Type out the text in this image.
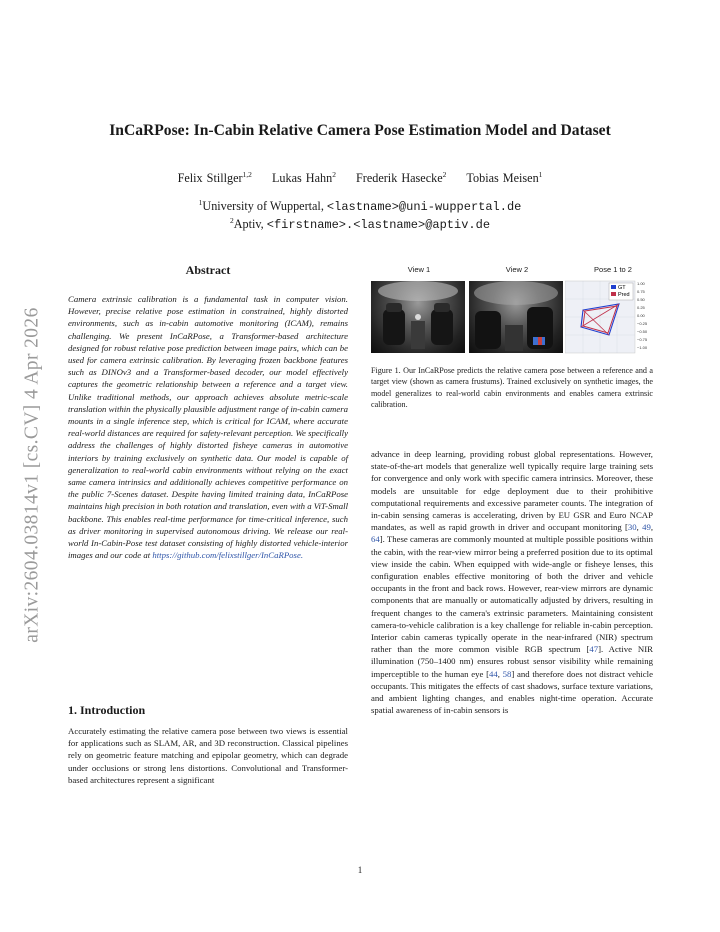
arXiv:2604.03814v1 [cs.CV] 4 Apr 2026
InCaRPose: In-Cabin Relative Camera Pose Estimation Model and Dataset
Felix Stillger$^{1,2}$ Lukas Hahn$^2$ Frederik Hasecke$^2$ Tobias Meisen$^1$
$^1$University of Wuppertal, <lastname>@uni-wuppertal.de
$^2$Aptiv, <firstname>.<lastname>@aptiv.de
Abstract

Camera extrinsic calibration is a fundamental task in computer vision. However, precise relative pose estimation in constrained, highly distorted environments, such as in-cabin automotive monitoring (ICAM), remains challenging. We present InCaRPose, a Transformer-based architecture designed for robust relative pose prediction between image pairs, which can be used for camera extrinsic calibration. By leveraging frozen backbone features such as DINOv3 and a Transformer-based decoder, our model effectively captures the geometric relationship between a reference and a target view. Unlike traditional methods, our approach achieves absolute metric-scale translation within the physically plausible adjustment range of in-cabin camera mounts in a single inference step, which is critical for ICAM, where accurate real-world distances are required for safety-relevant perception. We specifically address the challenges of highly distorted fisheye cameras in automotive interiors by training exclusively on synthetic data. Our model is capable of generalization to real-world cabin environments without relying on the exact same camera intrinsics and additionally achieves competitive performance on the public 7-Scenes dataset. Despite having limited training data, InCaRPose maintains high precision in both rotation and translation, even with a ViT-Small backbone. This enables real-time performance for time-critical inference, such as driver monitoring in supervised autonomous driving. We release our real-world In-Cabin-Pose test dataset consisting of highly distorted vehicle-interior images and our code at https://github.com/felixstillger/InCaRPose.

1. Introduction

Accurately estimating the relative camera pose between two views is essential for applications such as SLAM, AR, and 3D reconstruction. Classical pipelines rely on geometric feature matching and epipolar geometry, which can degrade under occlusions or strong lens distortions. Convolutional and Transformer-based architectures represent a significant

View 1	View 2	Pose 1 to 2
GT
Pred
1.00
0.75
0.50
0.25
0.00
−0.25
−0.50
−0.75
−1.00

Figure 1. Our InCaRPose predicts the relative camera pose between a reference and a target view (shown as camera frustums). Trained exclusively on synthetic images, the model generalizes to real-world cabin environments and enables camera extrinsic calibration.

advance in deep learning, providing robust global representations. However, state-of-the-art models that generalize well typically require large training sets for convergence and only work with specific camera intrinsics. Moreover, these models are unsuitable for edge deployment due to their prohibitive computational requirements and excessive parameter counts. The integration of in-cabin sensing cameras is accelerating, driven by EU GSR and Euro NCAP mandates, as well as rapid growth in driver and occupant monitoring [30, 49, 64]. These cameras are commonly mounted at multiple possible positions within the cabin, with the rear-view mirror being a preferred position due to its optimal view inside the cabin. When equipped with wide-angle or fisheye lenses, this configuration enables effective monitoring of both the driver and vehicle occupants in the front and back rows. However, rear-view mirrors are dynamic components that are manually or automatically adjusted by drivers, resulting in frequent changes to the camera's extrinsic parameters. Maintaining consistent camera-to-vehicle calibration is a key challenge for reliable in-cabin perception. Interior cabin cameras typically operate in the near-infrared (NIR) spectrum rather than the more common visible RGB spectrum [47]. Active NIR illumination (750–1400 nm) ensures robust sensor visibility while remaining imperceptible to the human eye [44, 58] and therefore does not distract vehicle occupants. This mitigates the effects of cast shadows, surface texture variations, and ambient lighting changes, and enables night-time operation. Accurate spatial awareness of in-cabin sensors is

1
